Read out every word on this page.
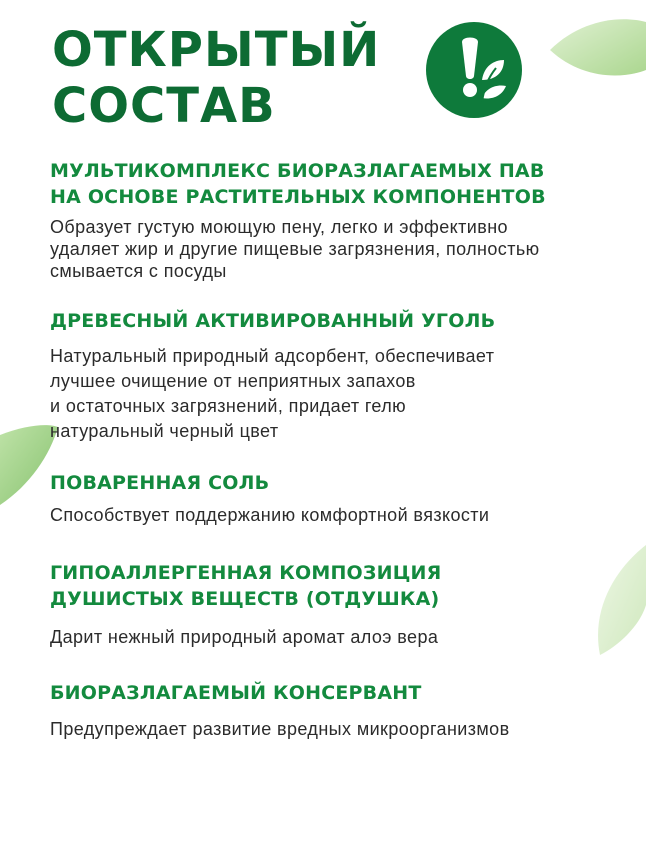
ОТКРЫТЫЙ
СОСТАВ
МУЛЬТИКОМПЛЕКС БИОРАЗЛАГАЕМЫХ ПАВ
НА ОСНОВЕ РАСТИТЕЛЬНЫХ КОМПОНЕНТОВ

Образует густую моющую пену, легко и эффективно
удаляет жир и другие пищевые загрязнения, полностью
смывается с посуды

ДРЕВЕСНЫЙ АКТИВИРОВАННЫЙ УГОЛЬ

Натуральный природный адсорбент, обеспечивает
лучшее очищение от неприятных запахов
и остаточных загрязнений, придает гелю
натуральный черный цвет

ПОВАРЕННАЯ СОЛЬ

Способствует поддержанию комфортной вязкости

ГИПОАЛЛЕРГЕННАЯ КОМПОЗИЦИЯ
ДУШИСТЫХ ВЕЩЕСТВ (ОТДУШКА)

Дарит нежный природный аромат алоэ вера

БИОРАЗЛАГАЕМЫЙ КОНСЕРВАНТ

Предупреждает развитие вредных микроорганизмов
